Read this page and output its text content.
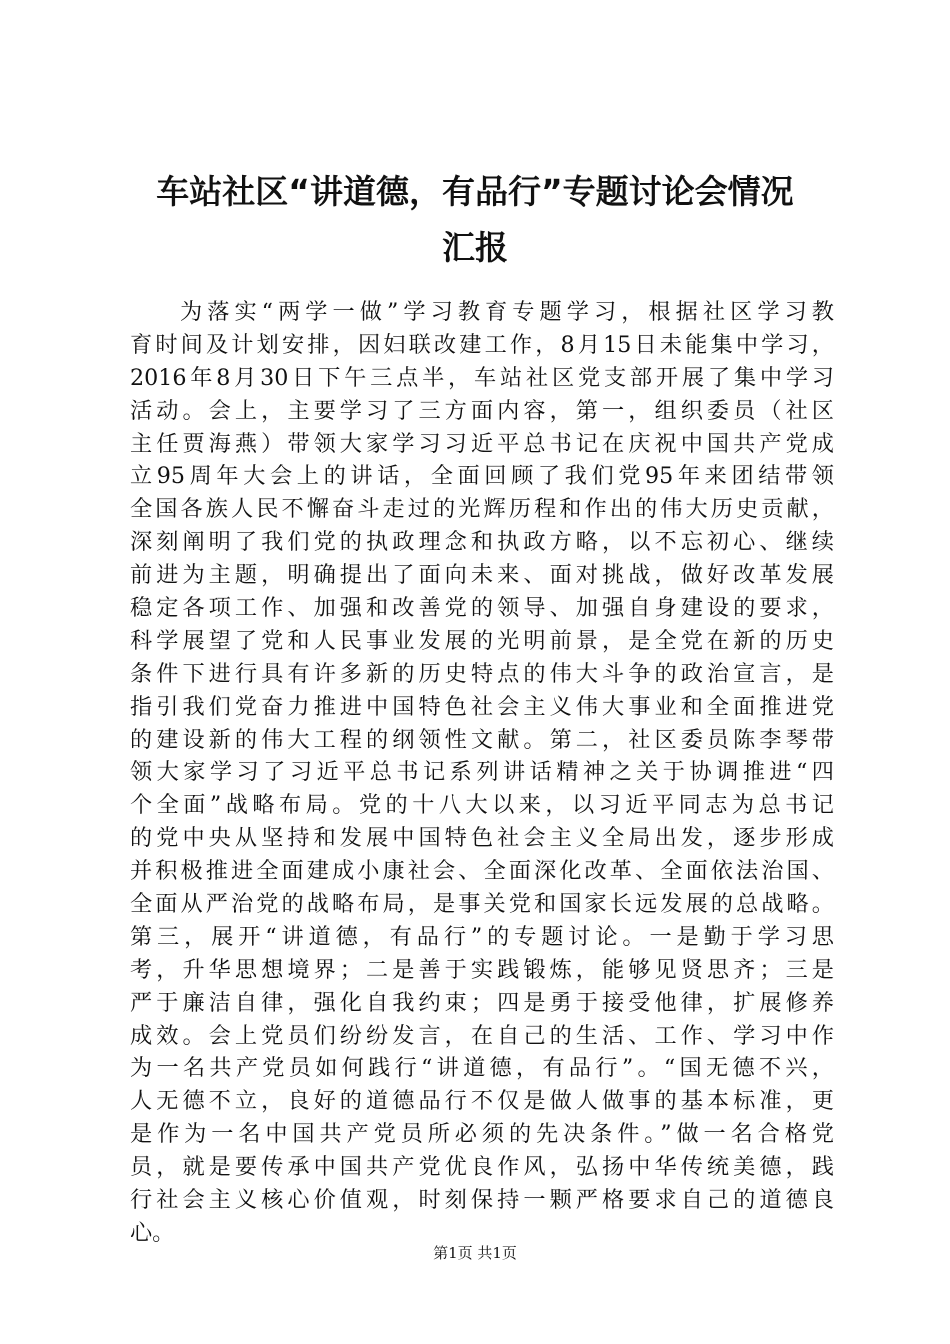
车站社区“讲道德，有品行”专题讨论会情况
汇报
为落实“两学一做”学习教育专题学习，根据社区学习教
育时间及计划安排，因妇联改建工作，8月15日未能集中学习，
2016年8月30日下午三点半，车站社区党支部开展了集中学习
活动。会上，主要学习了三方面内容，第一，组织委员（社区
主任贾海燕）带领大家学习习近平总书记在庆祝中国共产党成
立95周年大会上的讲话，全面回顾了我们党95年来团结带领
全国各族人民不懈奋斗走过的光辉历程和作出的伟大历史贡献，
深刻阐明了我们党的执政理念和执政方略，以不忘初心、继续
前进为主题，明确提出了面向未来、面对挑战，做好改革发展
稳定各项工作、加强和改善党的领导、加强自身建设的要求，
科学展望了党和人民事业发展的光明前景，是全党在新的历史
条件下进行具有许多新的历史特点的伟大斗争的政治宣言，是
指引我们党奋力推进中国特色社会主义伟大事业和全面推进党
的建设新的伟大工程的纲领性文献。第二，社区委员陈李琴带
领大家学习了习近平总书记系列讲话精神之关于协调推进“四
个全面”战略布局。党的十八大以来，以习近平同志为总书记
的党中央从坚持和发展中国特色社会主义全局出发，逐步形成
并积极推进全面建成小康社会、全面深化改革、全面依法治国、
全面从严治党的战略布局，是事关党和国家长远发展的总战略。
第三，展开“讲道德，有品行”的专题讨论。一是勤于学习思
考，升华思想境界；二是善于实践锻炼，能够见贤思齐；三是
严于廉洁自律，强化自我约束；四是勇于接受他律，扩展修养
成效。会上党员们纷纷发言，在自己的生活、工作、学习中作
为一名共产党员如何践行“讲道德，有品行”。“国无德不兴，
人无德不立，良好的道德品行不仅是做人做事的基本标准，更
是作为一名中国共产党员所必须的先决条件。”做一名合格党
员，就是要传承中国共产党优良作风，弘扬中华传统美德，践
行社会主义核心价值观，时刻保持一颗严格要求自己的道德良
心。
第1页 共1页
